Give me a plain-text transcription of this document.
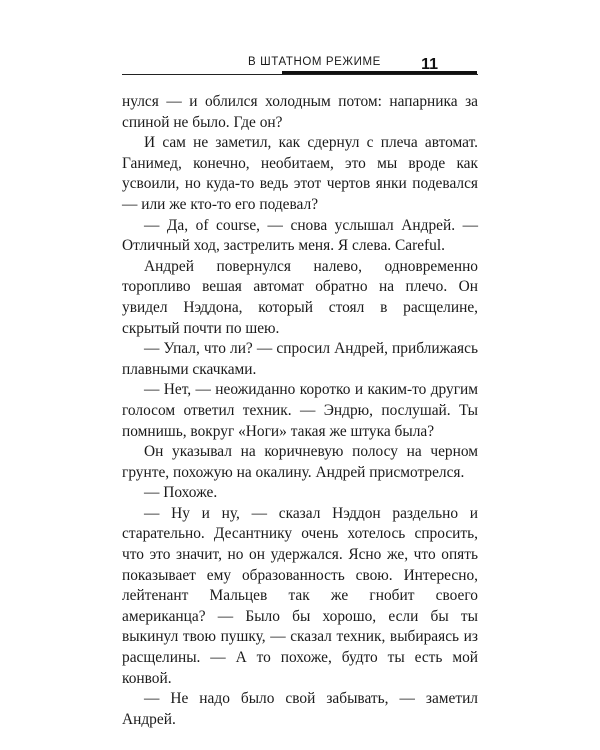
В ШТАТНОМ РЕЖИМЕ	11

нулся — и облился холодным потом: напарника за спиной не было. Где он?

И сам не заметил, как сдернул с плеча автомат. Ганимед, конечно, необитаем, это мы вроде как усвоили, но куда-то ведь этот чертов янки подевался — или же кто-то его подевал?

— Да, of course, — снова услышал Андрей. — Отличный ход, застрелить меня. Я слева. Careful.

Андрей повернулся налево, одновременно торопливо вешая автомат обратно на плечо. Он увидел Нэддона, который стоял в расщелине, скрытый почти по шею.

— Упал, что ли? — спросил Андрей, приближаясь плавными скачками.

— Нет, — неожиданно коротко и каким-то другим голосом ответил техник. — Эндрю, послушай. Ты помнишь, вокруг «Ноги» такая же штука была?

Он указывал на коричневую полосу на черном грунте, похожую на окалину. Андрей присмотрелся.

— Похоже.

— Ну и ну, — сказал Нэддон раздельно и старательно. Десантнику очень хотелось спросить, что это значит, но он удержался. Ясно же, что опять показывает ему образованность свою. Интересно, лейтенант Мальцев так же гнобит своего американца? — Было бы хорошо, если бы ты выкинул твою пушку, — сказал техник, выбираясь из расщелины. — А то похоже, будто ты есть мой конвой.

— Не надо было свой забывать, — заметил Андрей.
